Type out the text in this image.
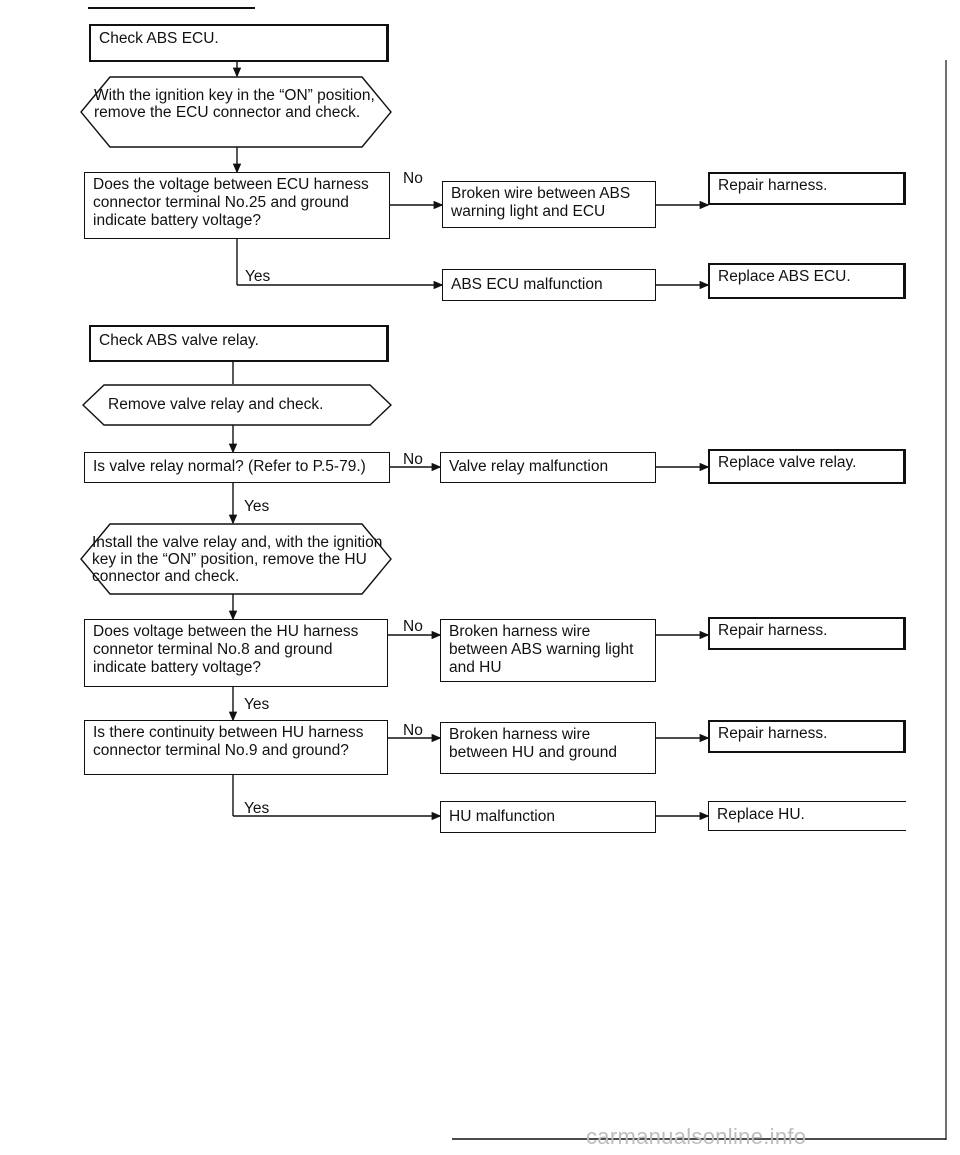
Check ABS ECU.
With the ignition key in the “ON” position, remove the ECU connector and check.
Does the voltage between ECU harness connector terminal No.25 and ground indicate battery voltage?
No
Broken wire between ABS warning light and ECU
Repair harness.
Yes	ABS ECU malfunction	Replace ABS ECU.
Check ABS valve relay.
Remove valve relay and check.
Is valve relay normal? (Refer to P.5-79.)	No	Valve relay malfunction	Replace valve relay.
Yes
Install the valve relay and, with the ignition key in the “ON” position, remove the HU connector and check.
Does voltage between the HU harness connetor terminal No.8 and ground indicate battery voltage?
No	Broken harness wire between ABS warning light and HU
Repair harness.
Yes
Is there continuity between HU harness connector terminal No.9 and ground?
No	Broken harness wire between HU and ground
Repair harness.
Yes	HU malfunction	Replace HU.
carmanualsonline.info
